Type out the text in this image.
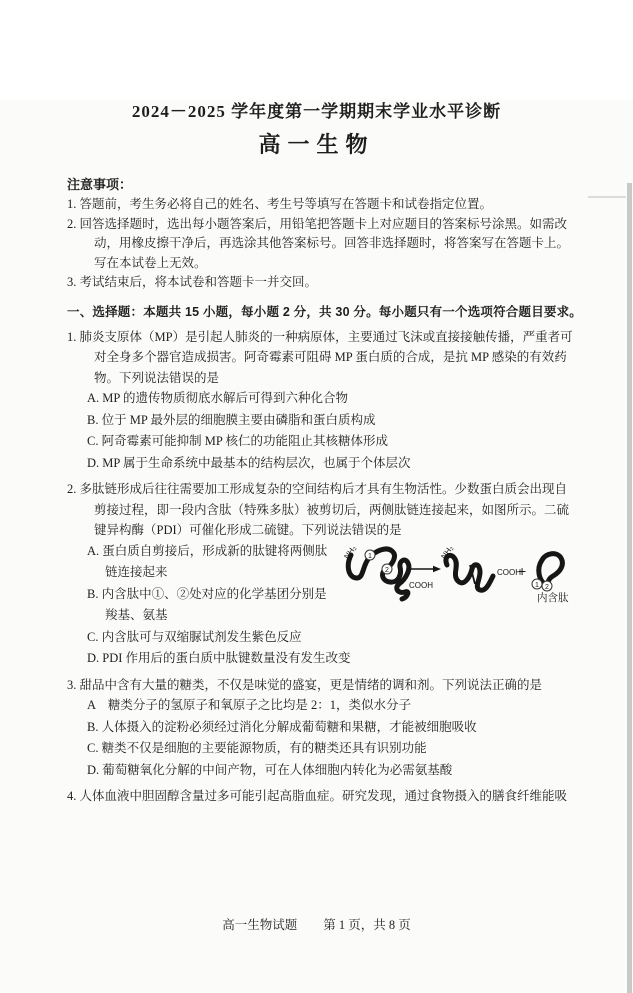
2024－2025 学年度第一学期期末学业水平诊断
高一生物
注意事项：
1. 答题前，考生务必将自己的姓名、考生号等填写在答题卡和试卷指定位置。
2. 回答选择题时，选出每小题答案后，用铅笔把答题卡上对应题目的答案标号涂黑。如需改动，用橡皮擦干净后，再选涂其他答案标号。回答非选择题时，将答案写在答题卡上。写在本试卷上无效。
3. 考试结束后，将本试卷和答题卡一并交回。
一、选择题：本题共 15 小题，每小题 2 分，共 30 分。每小题只有一个选项符合题目要求。
1. 肺炎支原体（MP）是引起人肺炎的一种病原体，主要通过飞沫或直接接触传播，严重者可对全身多个器官造成损害。阿奇霉素可阻碍 MP 蛋白质的合成，是抗 MP 感染的有效药物。下列说法错误的是
A. MP 的遗传物质彻底水解后可得到六种化合物
B. 位于 MP 最外层的细胞膜主要由磷脂和蛋白质构成
C. 阿奇霉素可能抑制 MP 核仁的功能阻止其核糖体形成
D. MP 属于生命系统中最基本的结构层次，也属于个体层次
2. 多肽链形成后往往需要加工形成复杂的空间结构后才具有生物活性。少数蛋白质会出现自剪接过程，即一段内含肽（特殊多肽）被剪切后，两侧肽链连接起来，如图所示。二硫键异构酶（PDI）可催化形成二硫键。下列说法错误的是
A. 蛋白质自剪接后，形成新的肽键将两侧肽链连接起来
B. 内含肽中①、②处对应的化学基团分别是羧基、氨基
NH₂
COOH
NH₂
COOH
+
1
2
1 2
内含肽
C. 内含肽可与双缩脲试剂发生紫色反应
D. PDI 作用后的蛋白质中肽键数量没有发生改变
3. 甜品中含有大量的糖类，不仅是味觉的盛宴，更是情绪的调和剂。下列说法正确的是
A　糖类分子的氢原子和氧原子之比均是 2：1，类似水分子
B. 人体摄入的淀粉必须经过消化分解成葡萄糖和果糖，才能被细胞吸收
C. 糖类不仅是细胞的主要能源物质，有的糖类还具有识别功能
D. 葡萄糖氧化分解的中间产物，可在人体细胞内转化为必需氨基酸
4. 人体血液中胆固醇含量过多可能引起高脂血症。研究发现，通过食物摄入的膳食纤维能吸
高一生物试题 第 1 页，共 8 页
